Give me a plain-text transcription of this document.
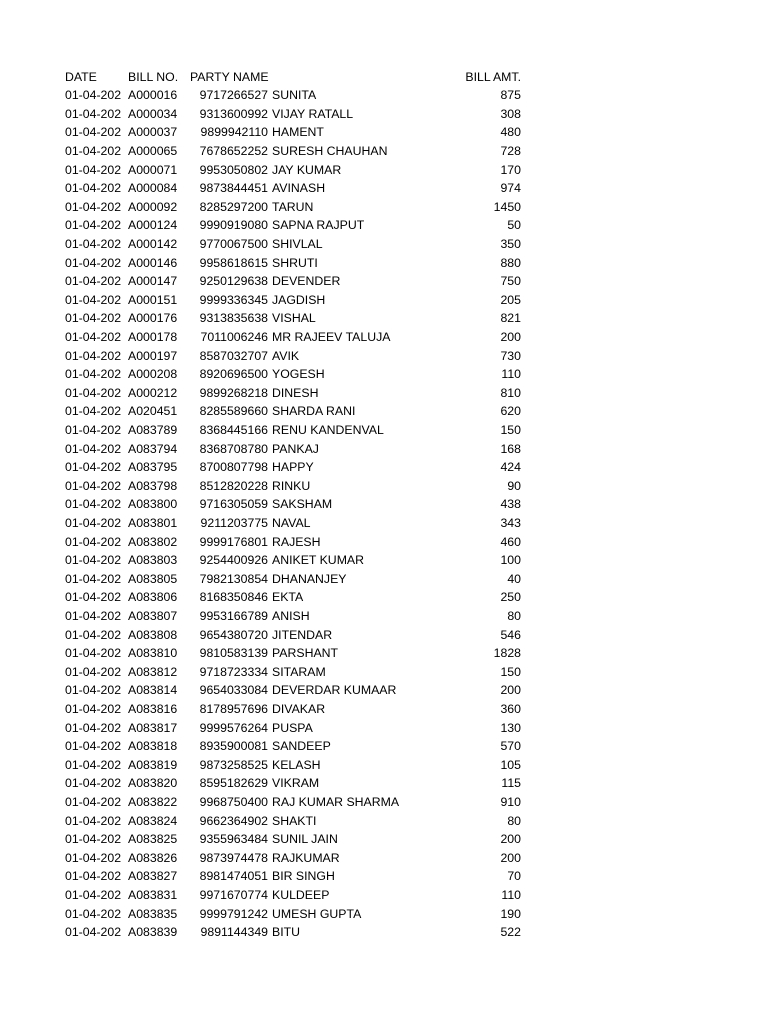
DATE	BILL NO. PARTY NAME	BILL AMT.
01-04-202 A000016	9717266527 SUNITA	875
01-04-202 A000034	9313600992 VIJAY RATALL	308
01-04-202 A000037	9899942110 HAMENT	480
01-04-202 A000065	7678652252 SURESH CHAUHAN	728
01-04-202 A000071	9953050802 JAY KUMAR	170
01-04-202 A000084	9873844451 AVINASH	974
01-04-202 A000092	8285297200 TARUN	1450
01-04-202 A000124	9990919080 SAPNA RAJPUT	50
01-04-202 A000142	9770067500 SHIVLAL	350
01-04-202 A000146	9958618615 SHRUTI	880
01-04-202 A000147	9250129638 DEVENDER	750
01-04-202 A000151	9999336345 JAGDISH	205
01-04-202 A000176	9313835638 VISHAL	821
01-04-202 A000178	7011006246 MR RAJEEV TALUJA	200
01-04-202 A000197	8587032707 AVIK	730
01-04-202 A000208	8920696500 YOGESH	110
01-04-202 A000212	9899268218 DINESH	810
01-04-202 A020451	8285589660 SHARDA RANI	620
01-04-202 A083789	8368445166 RENU KANDENVAL	150
01-04-202 A083794	8368708780 PANKAJ	168
01-04-202 A083795	8700807798 HAPPY	424
01-04-202 A083798	8512820228 RINKU	90
01-04-202 A083800	9716305059 SAKSHAM	438
01-04-202 A083801	9211203775 NAVAL	343
01-04-202 A083802	9999176801 RAJESH	460
01-04-202 A083803	9254400926 ANIKET KUMAR	100
01-04-202 A083805	7982130854 DHANANJEY	40
01-04-202 A083806	8168350846 EKTA	250
01-04-202 A083807	9953166789 ANISH	80
01-04-202 A083808	9654380720 JITENDAR	546
01-04-202 A083810	9810583139 PARSHANT	1828
01-04-202 A083812	9718723334 SITARAM	150
01-04-202 A083814	9654033084 DEVERDAR KUMAAR	200
01-04-202 A083816	8178957696 DIVAKAR	360
01-04-202 A083817	9999576264 PUSPA	130
01-04-202 A083818	8935900081 SANDEEP	570
01-04-202 A083819	9873258525 KELASH	105
01-04-202 A083820	8595182629 VIKRAM	115
01-04-202 A083822	9968750400 RAJ KUMAR SHARMA	910
01-04-202 A083824	9662364902 SHAKTI	80
01-04-202 A083825	9355963484 SUNIL JAIN	200
01-04-202 A083826	9873974478 RAJKUMAR	200
01-04-202 A083827	8981474051 BIR SINGH	70
01-04-202 A083831	9971670774 KULDEEP	110
01-04-202 A083835	9999791242 UMESH GUPTA	190
01-04-202 A083839	9891144349 BITU	522
